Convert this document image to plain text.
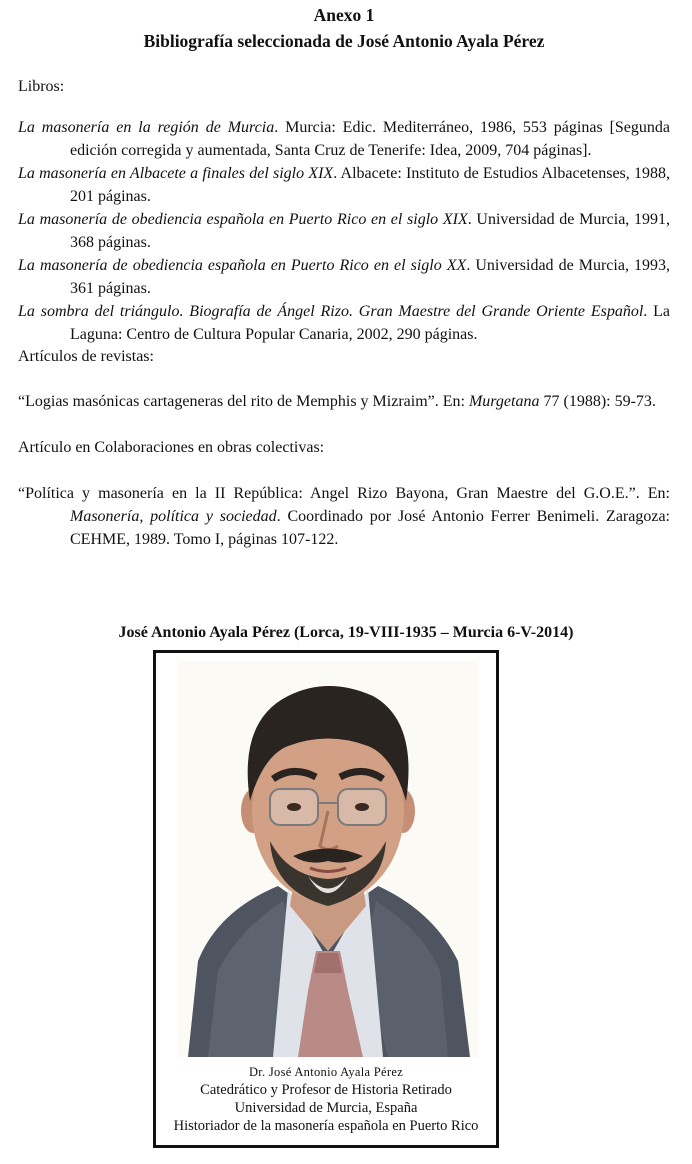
Anexo 1
Bibliografía seleccionada de José Antonio Ayala Pérez
Libros:
La masonería en la región de Murcia. Murcia: Edic. Mediterráneo, 1986, 553 páginas [Segunda edición corregida y aumentada, Santa Cruz de Tenerife: Idea, 2009, 704 páginas].
La masonería en Albacete a finales del siglo XIX. Albacete: Instituto de Estudios Albacetenses, 1988, 201 páginas.
La masonería de obediencia española en Puerto Rico en el siglo XIX. Universidad de Murcia, 1991, 368 páginas.
La masonería de obediencia española en Puerto Rico en el siglo XX. Universidad de Murcia, 1993, 361 páginas.
La sombra del triángulo. Biografía de Ángel Rizo. Gran Maestre del Grande Oriente Español. La Laguna: Centro de Cultura Popular Canaria, 2002, 290 páginas.
Artículos de revistas:
“Logias masónicas cartageneras del rito de Memphis y Mizraim”. En: Murgetana 77 (1988): 59-73.
Artículo en Colaboraciones en obras colectivas:
“Política y masonería en la II República: Angel Rizo Bayona, Gran Maestre del G.O.E.”. En: Masonería, política y sociedad. Coordinado por José Antonio Ferrer Benimeli. Zaragoza: CEHME, 1989. Tomo I, páginas 107-122.
José Antonio Ayala Pérez (Lorca, 19-VIII-1935 – Murcia 6-V-2014)
Dr. José Antonio Ayala Pérez
Catedrático y Profesor de Historia Retirado
Universidad de Murcia, España
Historiador de la masonería española en Puerto Rico
